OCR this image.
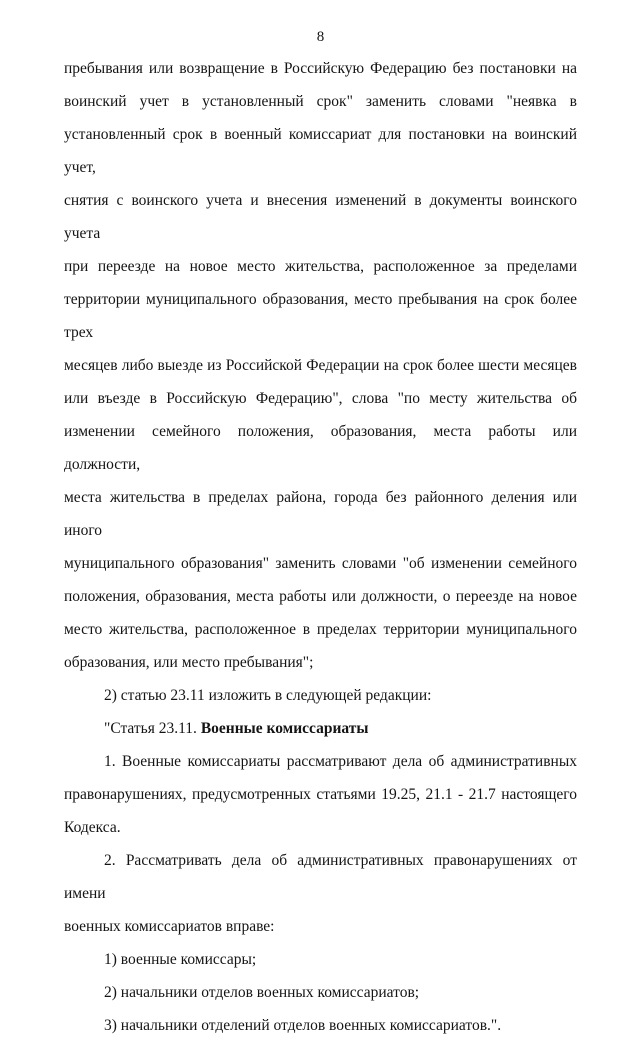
8
пребывания или возвращение в Российскую Федерацию без постановки на
воинский учет в установленный срок" заменить словами "неявка в
установленный срок в военный комиссариат для постановки на воинский учет,
снятия с воинского учета и внесения изменений в документы воинского учета
при переезде на новое место жительства, расположенное за пределами
территории муниципального образования, место пребывания на срок более трех
месяцев либо выезде из Российской Федерации на срок более шести месяцев
или въезде в Российскую Федерацию", слова "по месту жительства об
изменении семейного положения, образования, места работы или должности,
места жительства в пределах района, города без районного деления или иного
муниципального образования" заменить словами "об изменении семейного
положения, образования, места работы или должности, о переезде на новое
место жительства, расположенное в пределах территории муниципального
образования, или место пребывания";
2) статью 23.11 изложить в следующей редакции:
"Статья 23.11. Военные комиссариаты
1. Военные комиссариаты рассматривают дела об административных
правонарушениях, предусмотренных статьями 19.25, 21.1 - 21.7 настоящего
Кодекса.
2. Рассматривать дела об административных правонарушениях от имени
военных комиссариатов вправе:
1) военные комиссары;
2) начальники отделов военных комиссариатов;
3) начальники отделений отделов военных комиссариатов.".
